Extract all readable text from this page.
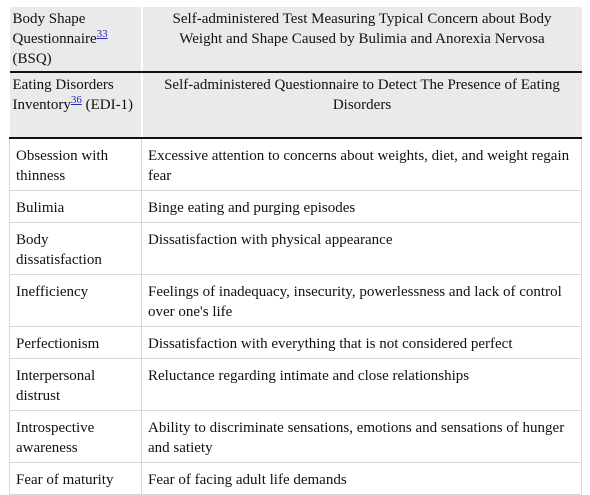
Body Shape Questionnaire$^{33}$
(BSQ)	Self-administered Test Measuring Typical Concern about Body Weight and Shape Caused by Bulimia and Anorexia Nervosa
Eating Disorders Inventory$^{36}$ (EDI-1)	Self-administered Questionnaire to Detect The Presence of Eating Disorders
Obsession with thinness	Excessive attention to concerns about weights, diet, and weight regain fear
Bulimia	Binge eating and purging episodes
Body dissatisfaction	Dissatisfaction with physical appearance
Inefficiency	Feelings of inadequacy, insecurity, powerlessness and lack of control over one's life
Perfectionism	Dissatisfaction with everything that is not considered perfect
Interpersonal distrust	Reluctance regarding intimate and close relationships
Introspective awareness	Ability to discriminate sensations, emotions and sensations of hunger and satiety
Fear of maturity	Fear of facing adult life demands
